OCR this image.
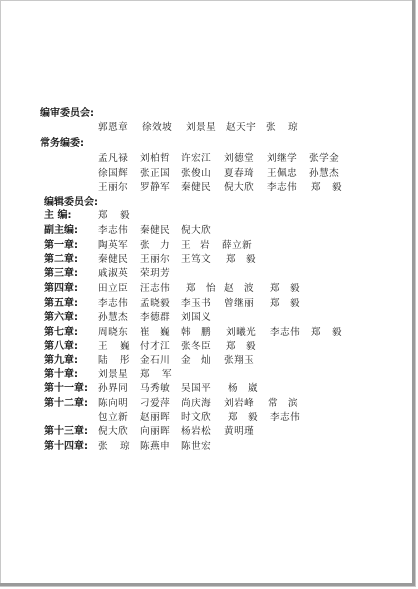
编审委员会:
郭恩章 徐效坡 刘景星 赵天宇 张 琼
常务编委:
孟凡禄 刘柏哲 许宏江 刘德堂 刘继学 张学金
徐国辉 张正国 张俊山 夏春琦 王佩忠 孙慧杰
王丽尔 罗静军 秦健民 倪大欣 李志伟 郑 毅
编辑委员会:
主 编:	郑 毅
副主编: 李志伟 秦健民 倪大欣
第一章: 陶英军 张 力 王 岩 薛立新
第二章: 秦健民 王丽尔 王笃文 郑 毅
第三章: 戚淑英 荣玥芳
第四章: 田立臣 汪志伟 郑 怡 赵 波 郑 毅
第五章: 李志伟 孟晓毅 李玉书 曾继丽 郑 毅
第六章: 孙慧杰 李德群 刘国义
第七章: 周晓东 崔 巍 韩 鹏 刘曦光 李志伟 郑 毅
第八章: 王 巍 付才江 张冬臣 郑 毅
第九章: 陆 彤 金石川 金 灿 张翔玉
第十章: 刘景星 郑 军
第十一章: 孙界同 马秀敏 吴国平 杨 崴
第十二章: 陈向明 刁爱萍 尚庆海 刘岩峰 常 滨
包立新 赵丽晖 时文欣 郑 毅 李志伟
第十三章: 倪大欣 向丽晖 杨岩松 黄明瑾
第十四章: 张 琼 陈燕申 陈世宏
